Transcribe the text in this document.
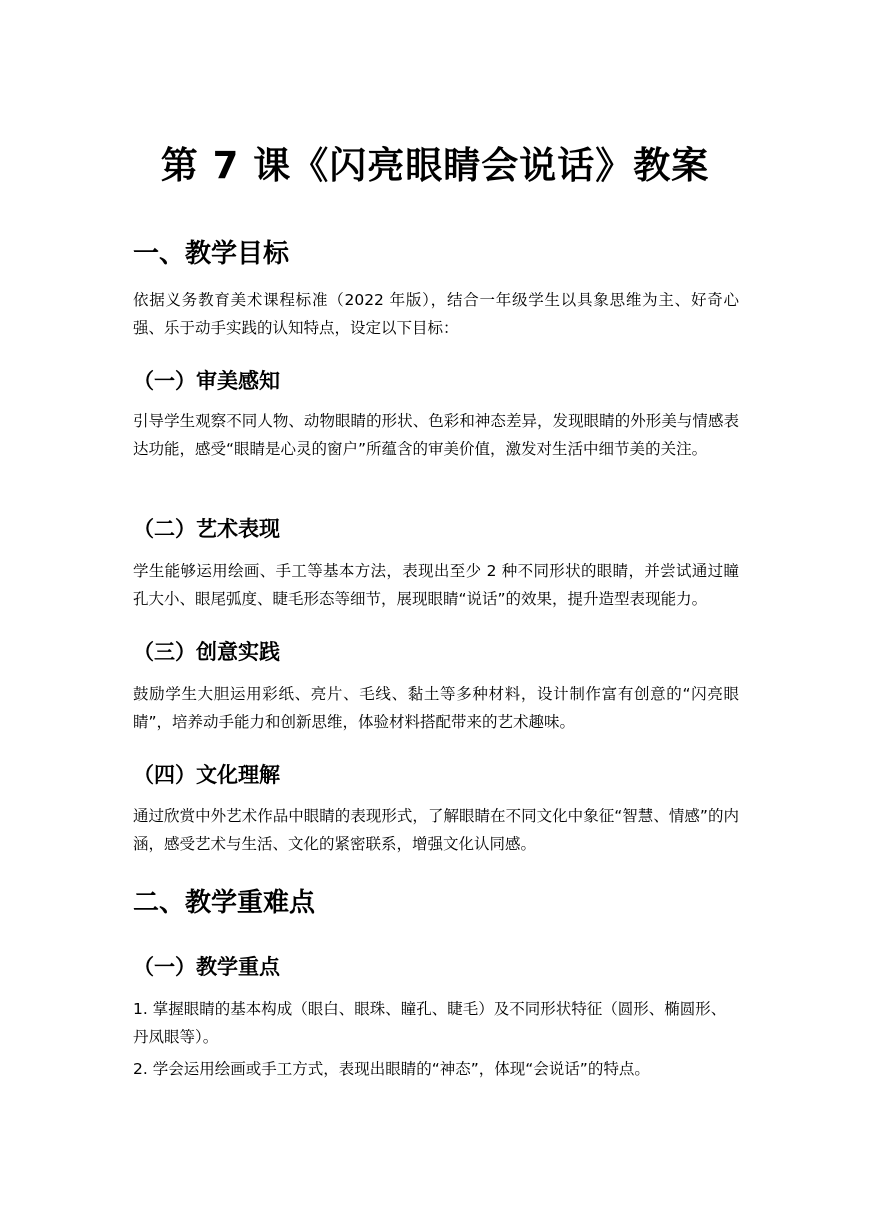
第 7 课《闪亮眼睛会说话》教案
一、教学目标

依据义务教育美术课程标准（2022 年版），结合一年级学生以具象思维为主、好奇心强、乐于动手实践的认知特点，设定以下目标：

（一）审美感知

引导学生观察不同人物、动物眼睛的形状、色彩和神态差异，发现眼睛的外形美与情感表达功能，感受“眼睛是心灵的窗户”所蕴含的审美价值，激发对生活中细节美的关注。

（二）艺术表现

学生能够运用绘画、手工等基本方法，表现出至少 2 种不同形状的眼睛，并尝试通过瞳孔大小、眼尾弧度、睫毛形态等细节，展现眼睛“说话”的效果，提升造型表现能力。

（三）创意实践

鼓励学生大胆运用彩纸、亮片、毛线、黏土等多种材料，设计制作富有创意的“闪亮眼睛”，培养动手能力和创新思维，体验材料搭配带来的艺术趣味。

（四）文化理解

通过欣赏中外艺术作品中眼睛的表现形式，了解眼睛在不同文化中象征“智慧、情感”的内涵，感受艺术与生活、文化的紧密联系，增强文化认同感。

二、教学重难点
（一）教学重点

1. 掌握眼睛的基本构成（眼白、眼珠、瞳孔、睫毛）及不同形状特征（圆形、椭圆形、丹凤眼等）。

2. 学会运用绘画或手工方式，表现出眼睛的“神态”，体现“会说话”的特点。
